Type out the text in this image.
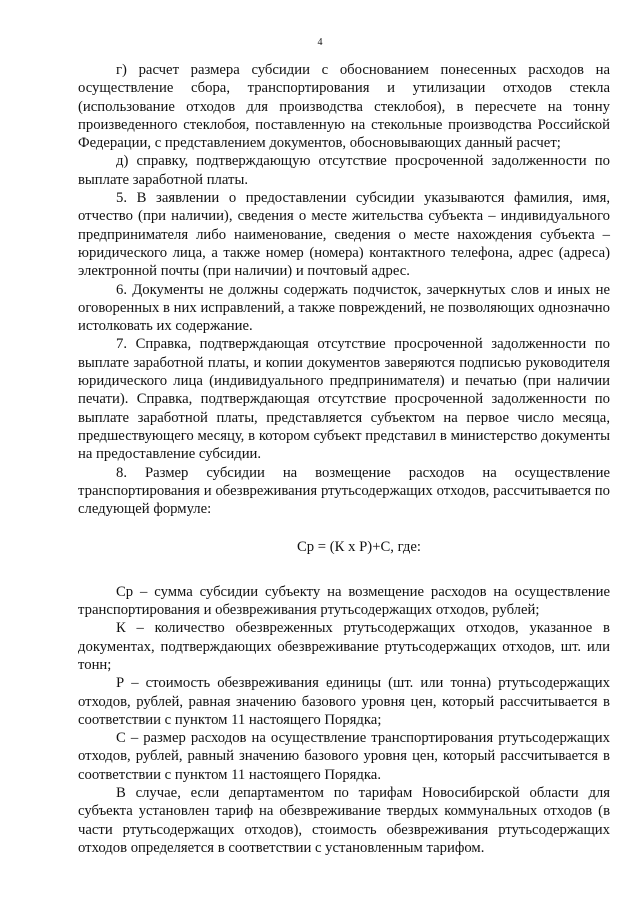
4

г) расчет размера субсидии с обоснованием понесенных расходов на осуществление сбора, транспортирования и утилизации отходов стекла (использование отходов для производства стеклобоя), в пересчете на тонну произведенного стеклобоя, поставленную на стекольные производства Российской Федерации, с представлением документов, обосновывающих данный расчет;

д) справку, подтверждающую отсутствие просроченной задолженности по выплате заработной платы.

5. В заявлении о предоставлении субсидии указываются фамилия, имя, отчество (при наличии), сведения о месте жительства субъекта – индивидуального предпринимателя либо наименование, сведения о месте нахождения субъекта – юридического лица, а также номер (номера) контактного телефона, адрес (адреса) электронной почты (при наличии) и почтовый адрес.

6. Документы не должны содержать подчисток, зачеркнутых слов и иных не оговоренных в них исправлений, а также повреждений, не позволяющих однозначно истолковать их содержание.

7. Справка, подтверждающая отсутствие просроченной задолженности по выплате заработной платы, и копии документов заверяются подписью руководителя юридического лица (индивидуального предпринимателя) и печатью (при наличии печати). Справка, подтверждающая отсутствие просроченной задолженности по выплате заработной платы, представляется субъектом на первое число месяца, предшествующего месяцу, в котором субъект представил в министерство документы на предоставление субсидии.

8. Размер субсидии на возмещение расходов на осуществление транспортирования и обезвреживания ртутьсодержащих отходов, рассчитывается по следующей формуле:

Ср = (К х Р)+С, где:

Ср – сумма субсидии субъекту на возмещение расходов на осуществление транспортирования и обезвреживания ртутьсодержащих отходов, рублей;

К – количество обезвреженных ртутьсодержащих отходов, указанное в документах, подтверждающих обезвреживание ртутьсодержащих отходов, шт. или тонн;

Р – стоимость обезвреживания единицы (шт. или тонна) ртутьсодержащих отходов, рублей, равная значению базового уровня цен, который рассчитывается в соответствии с пунктом 11 настоящего Порядка;

С – размер расходов на осуществление транспортирования ртутьсодержащих отходов, рублей, равный значению базового уровня цен, который рассчитывается в соответствии с пунктом 11 настоящего Порядка.

В случае, если департаментом по тарифам Новосибирской области для субъекта установлен тариф на обезвреживание твердых коммунальных отходов (в части ртутьсодержащих отходов), стоимость обезвреживания ртутьсодержащих отходов определяется в соответствии с установленным тарифом.
